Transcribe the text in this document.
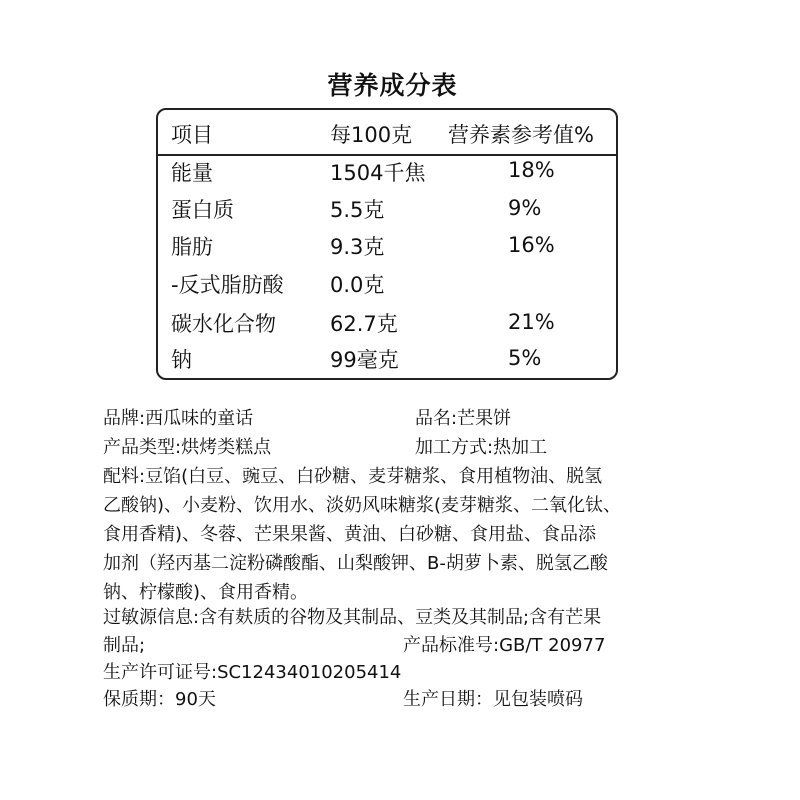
营养成分表
项目	每100克 营养素参考值%
能量	1504千焦	18%
蛋白质	5.5克	9%
脂肪	9.3克	16%
-反式脂肪酸 0.0克
碳水化合物	62.7克	21%
钠	99毫克	5%
品牌:西瓜味的童话	品名:芒果饼
产品类型:烘烤类糕点	加工方式:热加工
配料:豆馅(白豆、豌豆、白砂糖、麦芽糖浆、食用植物油、脱氢
乙酸钠)、小麦粉、饮用水、淡奶风味糖浆(麦芽糖浆、二氧化钛、
食用香精)、冬蓉、芒果果酱、黄油、白砂糖、食用盐、食品添
加剂（羟丙基二淀粉磷酸酯、山梨酸钾、B-胡萝卜素、脱氢乙酸
钠、柠檬酸)、食用香精。
过敏源信息:含有麸质的谷物及其制品、豆类及其制品;含有芒果
制品;	产品标准号:GB/T 20977
生产许可证号:SC12434010205414
保质期：90天	生产日期：见包装喷码
